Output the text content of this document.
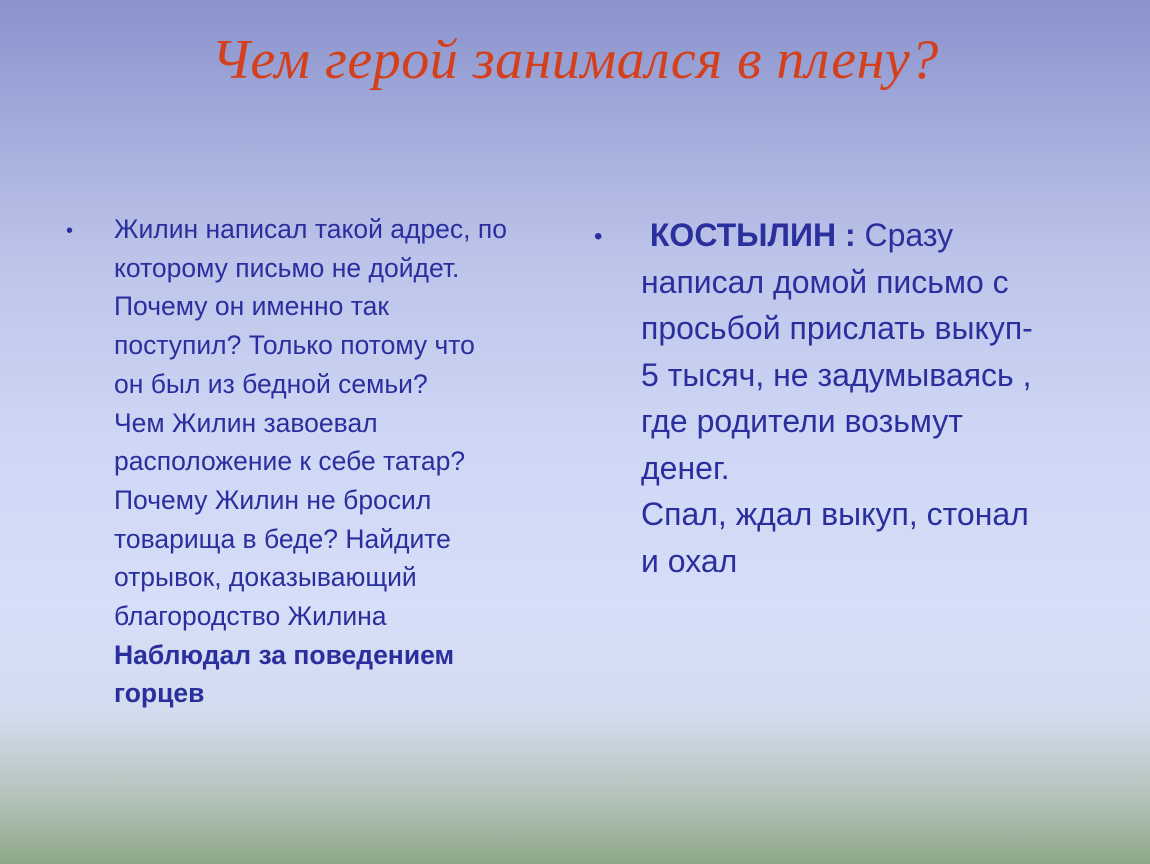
Чем герой занимался в плену?
• Жилин написал такой адрес, по
которому письмо не дойдет.
Почему он именно так
поступил? Только потому что
он был из бедной семьи?
Чем Жилин завоевал
расположение к себе татар?
Почему Жилин не бросил
товарища в беде? Найдите
отрывок, доказывающий
благородство Жилина
Наблюдал за поведением
горцев
• КОСТЫЛИН : Сразу
написал домой письмо с
просьбой прислать выкуп-
5 тысяч, не задумываясь ,
где родители возьмут
денег.
Спал, ждал выкуп, стонал
и охал
